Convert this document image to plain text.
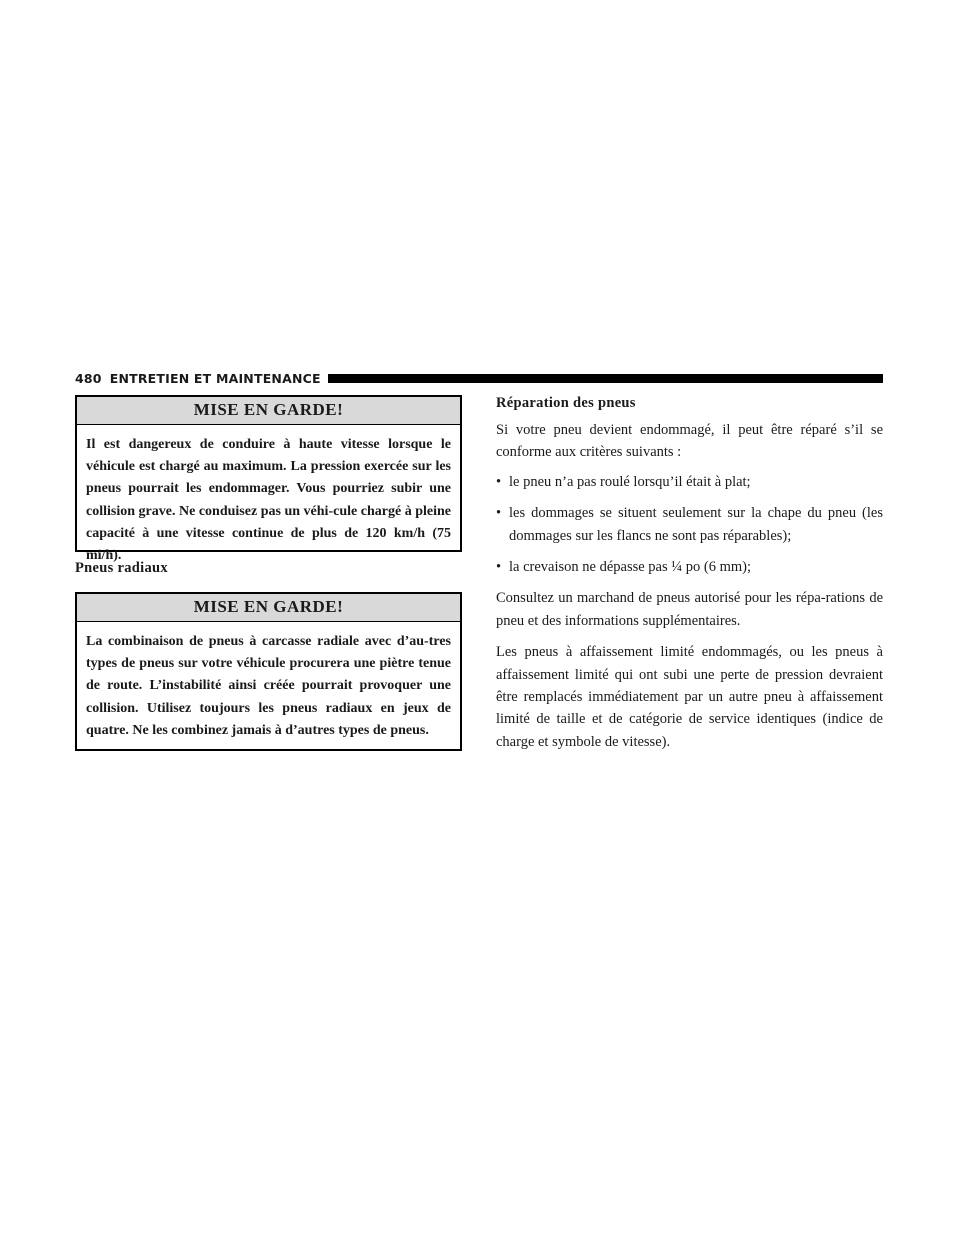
480 ENTRETIEN ET MAINTENANCE
MISE EN GARDE!
Il est dangereux de conduire à haute vitesse lorsque le véhicule est chargé au maximum. La pression exercée sur les pneus pourrait les endommager. Vous pourriez subir une collision grave. Ne conduisez pas un véhi-cule chargé à pleine capacité à une vitesse continue de plus de 120 km/h (75 mi/h).
Pneus radiaux
MISE EN GARDE!
La combinaison de pneus à carcasse radiale avec d’au-tres types de pneus sur votre véhicule procurera une piètre tenue de route. L’instabilité ainsi créée pourrait provoquer une collision. Utilisez toujours les pneus radiaux en jeux de quatre. Ne les combinez jamais à d’autres types de pneus.
Réparation des pneus

Si votre pneu devient endommagé, il peut être réparé s’il se conforme aux critères suivants :

• le pneu n’a pas roulé lorsqu’il était à plat;
• les dommages se situent seulement sur la chape du pneu (les dommages sur les flancs ne sont pas réparables);
• la crevaison ne dépasse pas ¼ po (6 mm);

Consultez un marchand de pneus autorisé pour les répa-rations de pneu et des informations supplémentaires.

Les pneus à affaissement limité endommagés, ou les pneus à affaissement limité qui ont subi une perte de pression devraient être remplacés immédiatement par un autre pneu à affaissement limité de taille et de catégorie de service identiques (indice de charge et symbole de vitesse).
